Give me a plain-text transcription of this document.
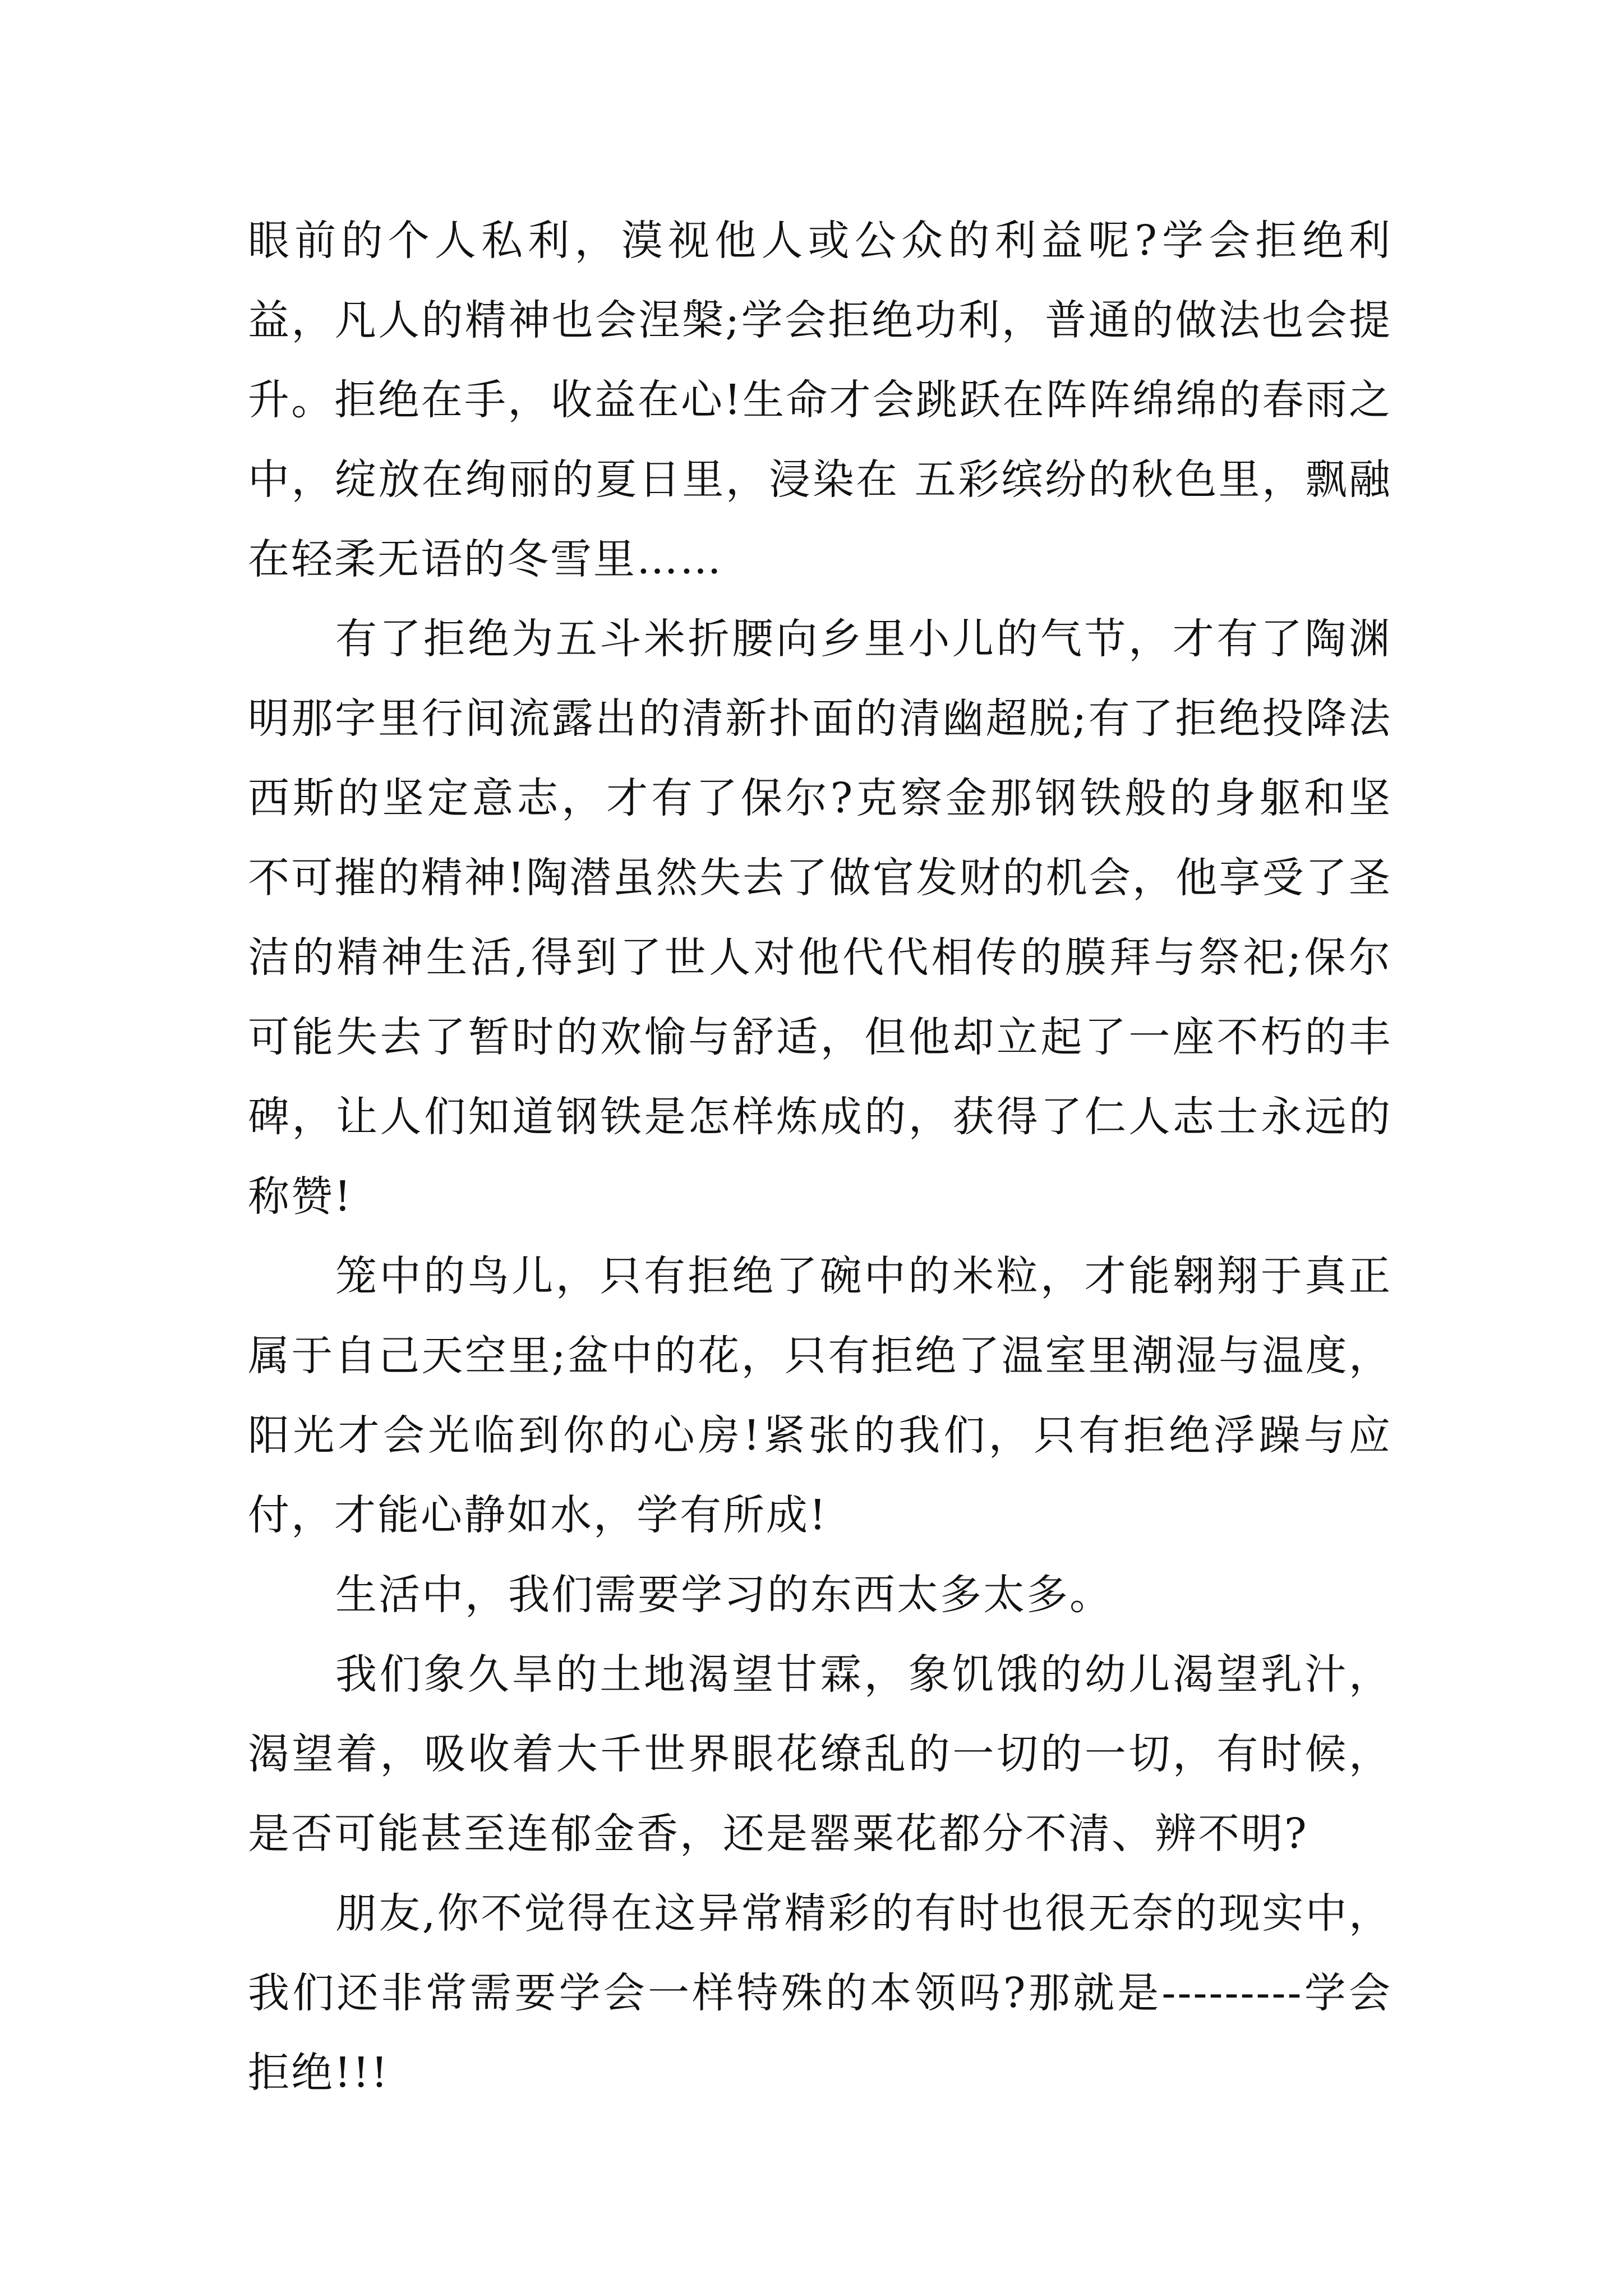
眼前的个人私利，漠视他人或公众的利益呢?学会拒绝利益，凡人的精神也会涅槃;学会拒绝功利，普通的做法也会提升。拒绝在手，收益在心!生命才会跳跃在阵阵绵绵的春雨之中，绽放在绚丽的夏日里，浸染在 五彩缤纷的秋色里，飘融在轻柔无语的冬雪里……

有了拒绝为五斗米折腰向乡里小儿的气节，才有了陶渊明那字里行间流露出的清新扑面的清幽超脱;有了拒绝投降法西斯的坚定意志，才有了保尔?克察金那钢铁般的身躯和坚不可摧的精神!陶潜虽然失去了做官发财的机会，他享受了圣洁的精神生活,得到了世人对他代代相传的膜拜与祭祀;保尔可能失去了暂时的欢愉与舒适，但他却立起了一座不朽的丰碑，让人们知道钢铁是怎样炼成的，获得了仁人志士永远的称赞!

笼中的鸟儿，只有拒绝了碗中的米粒，才能翱翔于真正属于自己天空里;盆中的花，只有拒绝了温室里潮湿与温度，阳光才会光临到你的心房!紧张的我们，只有拒绝浮躁与应付，才能心静如水，学有所成!

生活中，我们需要学习的东西太多太多。

我们象久旱的土地渴望甘霖，象饥饿的幼儿渴望乳汁，渴望着，吸收着大千世界眼花缭乱的一切的一切，有时候，是否可能甚至连郁金香，还是罂粟花都分不清、辨不明?

朋友,你不觉得在这异常精彩的有时也很无奈的现实中，我们还非常需要学会一样特殊的本领吗?那就是---------学会拒绝!!!
